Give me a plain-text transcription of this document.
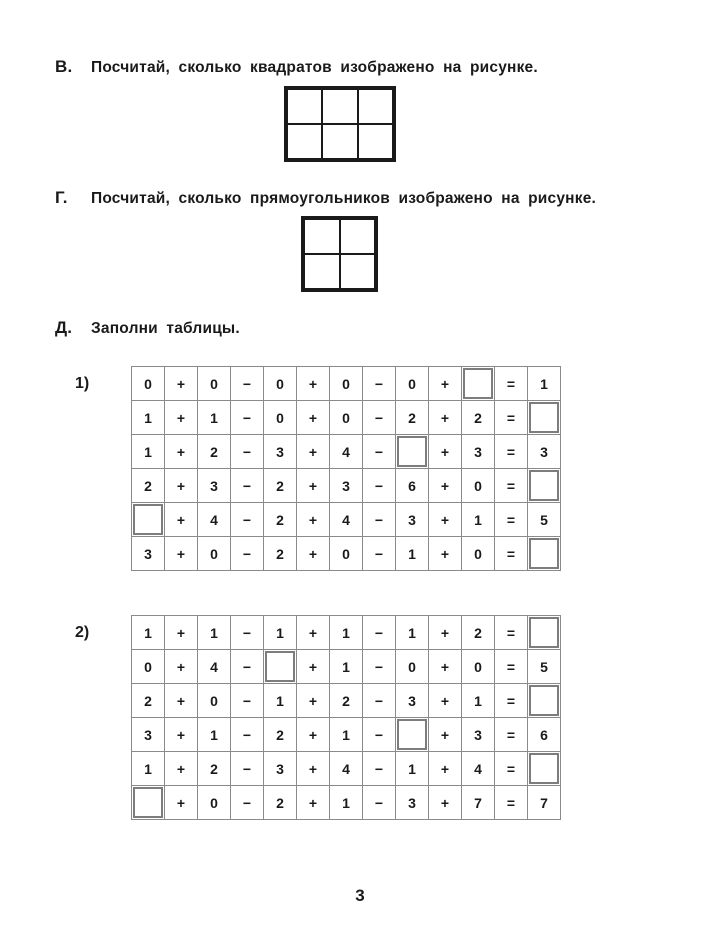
В. Посчитай, сколько квадратов изображено на рисунке.
Г. Посчитай, сколько прямоугольников изображено на рисунке.
Д. Заполни таблицы.
1)	0	+	0	−	0	+	0	−	0	+		=	1
1	+	1	−	0	+	0	−	2	+	2	=	
1	+	2	−	3	+	4	−		+	3	=	3
2	+	3	−	2	+	3	−	6	+	0	=	
	+	4	−	2	+	4	−	3	+	1	=	5
3	+	0	−	2	+	0	−	1	+	0	=	
2)	1	+	1	−	1	+	1	−	1	+	2	=	
0	+	4	−		+	1	−	0	+	0	=	5
2	+	0	−	1	+	2	−	3	+	1	=	
3	+	1	−	2	+	1	−		+	3	=	6
1	+	2	−	3	+	4	−	1	+	4	=	
	+	0	−	2	+	1	−	3	+	7	=	7
3
